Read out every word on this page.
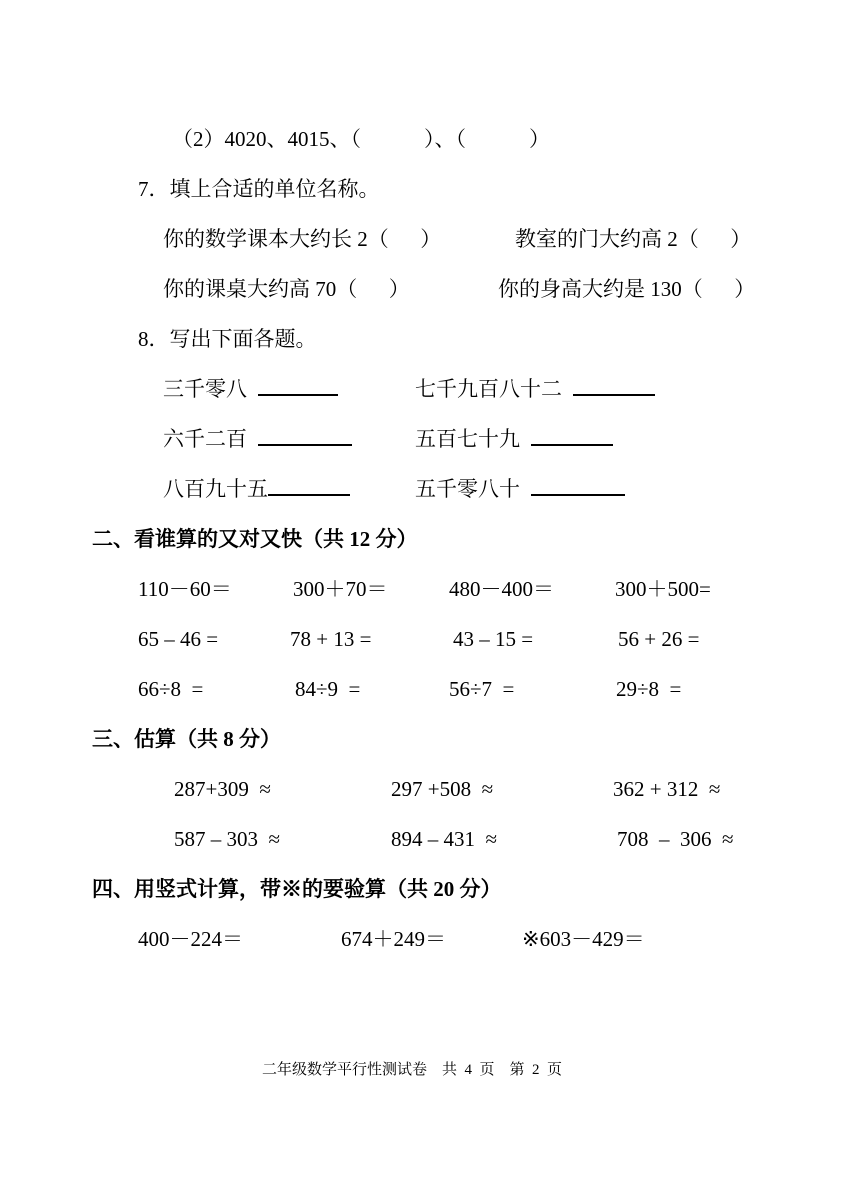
（2）4020、4015、（            ）、（            ）
7．填上合适的单位名称。
你的数学课本大约长 2（      ）	教室的门大约高 2（      ）
你的课桌大约高 70（      ）	你的身高大约是 130（      ）
8．写出下面各题。
三千零八	七千九百八十二
六千二百	五百七十九
八百九十五	五千零八十
二、看谁算的又对又快（共 12 分）
110－60＝	300＋70＝	480－400＝	300＋500=
65 – 46 =	78 + 13 =	43 – 15 =	56 + 26 =
66÷8  =	84÷9  =	56÷7  =	29÷8  =
三、估算（共 8 分）
287+309  ≈	297 +508  ≈	362 + 312  ≈
587 – 303  ≈	894 – 431  ≈	708  –  306  ≈
四、用竖式计算，带※的要验算（共 20 分）
400－224＝	674＋249＝	※603－429＝
二年级数学平行性测试卷    共  4  页    第  2  页
